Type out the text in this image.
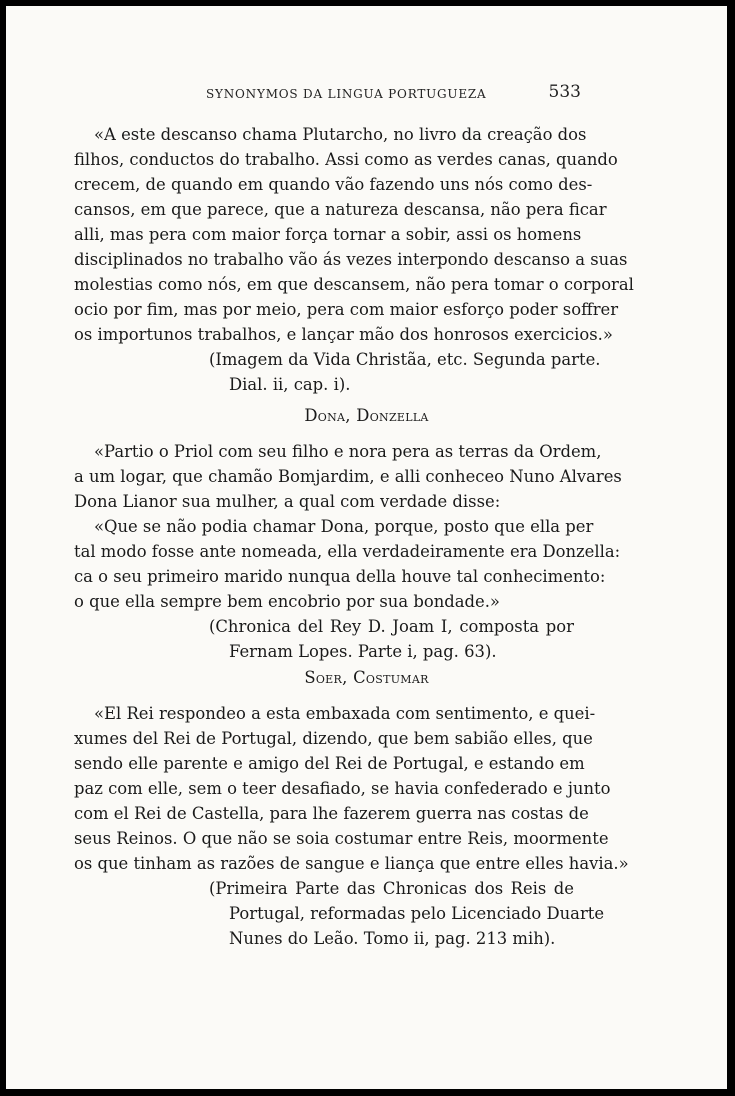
SYNONYMOS DA LINGUA PORTUGUEZA	533
«A este descanso chama Plutarcho, no livro da creação dos
filhos, conductos do trabalho. Assi como as verdes canas, quando
crecem, de quando em quando vão fazendo uns nós como des-
cansos, em que parece, que a natureza descansa, não pera ficar
alli, mas pera com maior força tornar a sobir, assi os homens
disciplinados no trabalho vão ás vezes interpondo descanso a suas
molestias como nós, em que descansem, não pera tomar o corporal
ocio por fim, mas por meio, pera com maior esforço poder soffrer
os importunos trabalhos, e lançar mão dos honrosos exercicios.»
(Imagem da Vida Christãa, etc. Segunda parte.
Dial. ii, cap. i).
Dona, Donzella
«Partio o Priol com seu filho e nora pera as terras da Ordem,
a um logar, que chamão Bomjardim, e alli conheceo Nuno Alvares
Dona Lianor sua mulher, a qual com verdade disse:
«Que se não podia chamar Dona, porque, posto que ella per
tal modo fosse ante nomeada, ella verdadeiramente era Donzella:
ca o seu primeiro marido nunqua della houve tal conhecimento:
o que ella sempre bem encobrio por sua bondade.»
(Chronica del Rey D. Joam I, composta por
Fernam Lopes. Parte i, pag. 63).
Soer, Costumar
«El Rei respondeo a esta embaxada com sentimento, e quei-
xumes del Rei de Portugal, dizendo, que bem sabião elles, que
sendo elle parente e amigo del Rei de Portugal, e estando em
paz com elle, sem o teer desafiado, se havia confederado e junto
com el Rei de Castella, para lhe fazerem guerra nas costas de
seus Reinos. O que não se soia costumar entre Reis, moormente
os que tinham as razões de sangue e liança que entre elles havia.»
(Primeira Parte das Chronicas dos Reis de
Portugal, reformadas pelo Licenciado Duarte
Nunes do Leão. Tomo ii, pag. 213 mih).
